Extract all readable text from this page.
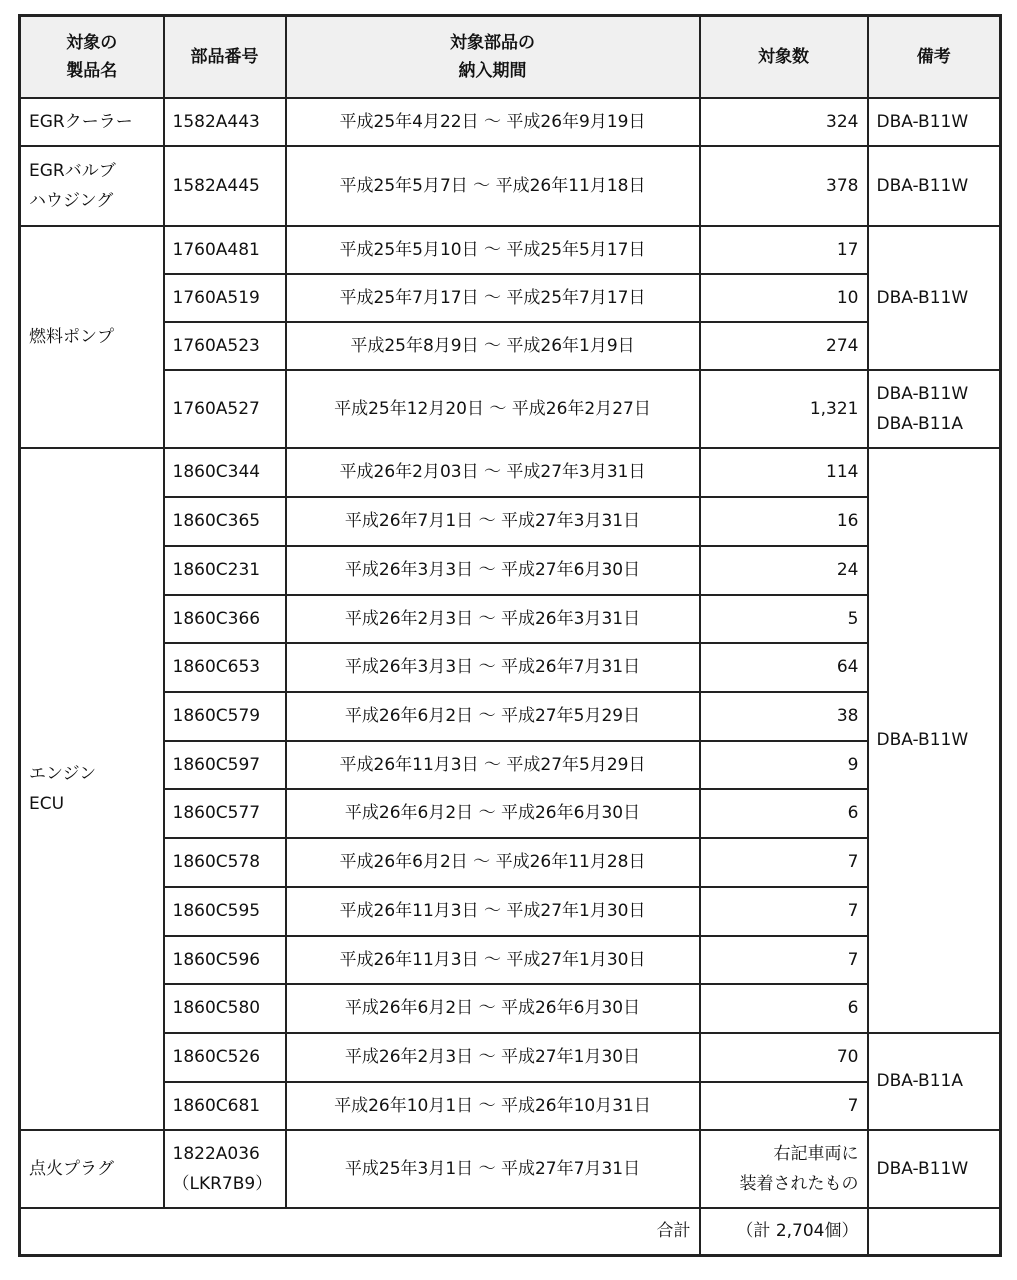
対象の
製品名	部品番号	対象部品の
納入期間	対象数	備考
EGRクーラー	1582A443	平成25年4月22日 ～ 平成26年9月19日	324	DBA-B11W

EGRバルブ
ハウジング	1582A445	平成25年5月7日 ～ 平成26年11月18日	378	DBA-B11W
燃料ポンプ	1760A481	平成25年5月10日 ～ 平成25年5月17日	17	DBA-B11W
	1760A519	平成25年7月17日 ～ 平成25年7月17日	10	
	1760A523	平成25年8月9日 ～ 平成26年1月9日	274	
	1760A527	平成25年12月20日 ～ 平成26年2月27日	1,321	DBA-B11W
DBA-B11A

エンジン
ECU	1860C344	平成26年2月03日 ～ 平成27年3月31日	114	DBA-B11W
	1860C365	平成26年7月1日 ～ 平成27年3月31日	16	
	1860C231	平成26年3月3日 ～ 平成27年6月30日	24	
	1860C366	平成26年2月3日 ～ 平成26年3月31日	5	
	1860C653	平成26年3月3日 ～ 平成26年7月31日	64	
	1860C579	平成26年6月2日 ～ 平成27年5月29日	38	
	1860C597	平成26年11月3日 ～ 平成27年5月29日	9	
	1860C577	平成26年6月2日 ～ 平成26年6月30日	6	
	1860C578	平成26年6月2日 ～ 平成26年11月28日	7	
	1860C595	平成26年11月3日 ～ 平成27年1月30日	7	
	1860C596	平成26年11月3日 ～ 平成27年1月30日	7	
	1860C580	平成26年6月2日 ～ 平成26年6月30日	6	
	1860C526	平成26年2月3日 ～ 平成27年1月30日	70	DBA-B11A
	1860C681	平成26年10月1日 ～ 平成26年10月31日	7	
点火プラグ	1822A036
（LKR7B9）	平成25年3月1日 ～ 平成27年7月31日	右記車両に
装着されたもの	DBA-B11W
合計			（計 2,704個）	
